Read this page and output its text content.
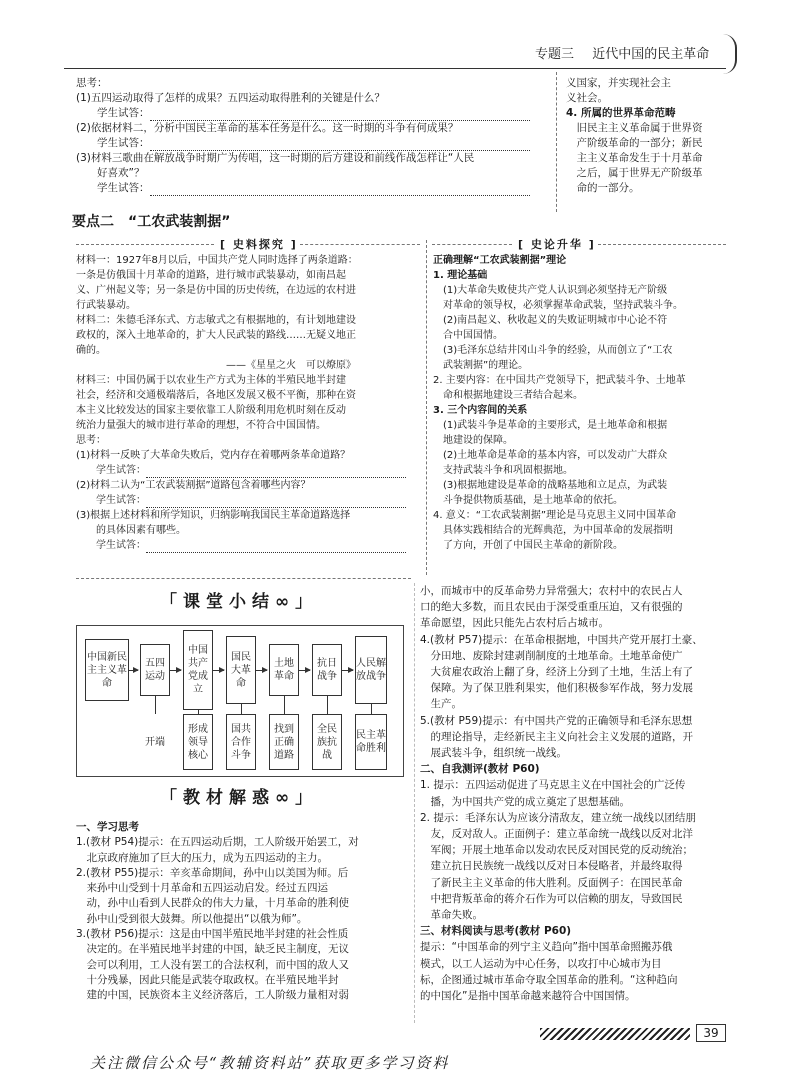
专题三 近代中国的民主革命
思考：
(1)五四运动取得了怎样的成果？五四运动取得胜利的关键是什么？
　　学生试答：
(2)依据材料二，分析中国民主革命的基本任务是什么。这一时期的斗争有何成果？
　　学生试答：
(3)材料三歌曲在解放战争时期广为传唱，这一时期的后方建设和前线作战怎样让“人民
　　好喜欢”？
　　学生试答：
义国家，并实现社会主
义社会。
4. 所属的世界革命范畴
　旧民主主义革命属于世界资
　产阶级革命的一部分；新民
　主主义革命发生于十月革命
　之后，属于世界无产阶级革
　命的一部分。
要点二　“工农武装割据”
[ 史料探究 ]
材料一：1927年8月以后，中国共产党人同时选择了两条道路：
一条是仿俄国十月革命的道路，进行城市武装暴动，如南昌起
义、广州起义等；另一条是仿中国的历史传统，在边远的农村进
行武装暴动。
材料二：朱德毛泽东式、方志敏式之有根据地的，有计划地建设
政权的，深入土地革命的，扩大人民武装的路线……无疑义地正
确的。
　　　　　　　　　　　　　　　——《星星之火　可以燎原》
材料三：中国仍属于以农业生产方式为主体的半殖民地半封建
社会，经济和交通极端落后，各地区发展又极不平衡，那种在资
本主义比较发达的国家主要依靠工人阶级利用危机时刻在反动
统治力量强大的城市进行革命的理想，不符合中国国情。
思考：
(1)材料一反映了大革命失败后，党内存在着哪两条革命道路？
　　学生试答：
(2)材料二认为“工农武装割据”道路包含着哪些内容？
　　学生试答：
(3)根据上述材料和所学知识，归纳影响我国民主革命道路选择
　　的具体因素有哪些。
　　学生试答：
[ 史论升华 ]
正确理解“工农武装割据”理论
1. 理论基础
　(1)大革命失败使共产党人认识到必须坚持无产阶级
　对革命的领导权，必须掌握革命武装，坚持武装斗争。
　(2)南昌起义、秋收起义的失败证明城市中心论不符
　合中国国情。
　(3)毛泽东总结井冈山斗争的经验，从而创立了“工农
　武装割据”的理论。
2. 主要内容：在中国共产党领导下，把武装斗争、土地革
　命和根据地建设三者结合起来。
3. 三个内容间的关系
　(1)武装斗争是革命的主要形式，是土地革命和根据
　地建设的保障。
　(2)土地革命是革命的基本内容，可以发动广大群众
　支持武装斗争和巩固根据地。
　(3)根据地建设是革命的战略基地和立足点，为武装
　斗争提供物质基础，是土地革命的依托。
4. 意义：“工农武装割据”理论是马克思主义同中国革命
　具体实践相结合的光辉典范，为中国革命的发展指明
　了方向，开创了中国民主革命的新阶段。
「课堂小结∞」
中国新民主主义革命
五四运动
中国共产党成立
国民大革命
土地革命
抗日战争
人民解放战争
开端
形成领导核心
国共合作斗争
找到正确道路
全民族抗战
民主革命胜利
「教材解惑∞」
一、学习思考
1.(教材 P54)提示：在五四运动后期，工人阶级开始罢工，对
　北京政府施加了巨大的压力，成为五四运动的主力。
2.(教材 P55)提示：辛亥革命期间，孙中山以美国为师。后
　来孙中山受到十月革命和五四运动启发。经过五四运
　动，孙中山看到人民群众的伟大力量，十月革命的胜利使
　孙中山受到很大鼓舞。所以他提出“以俄为师”。
3.(教材 P56)提示：这是由中国半殖民地半封建的社会性质
　决定的。在半殖民地半封建的中国，缺乏民主制度，无议
　会可以利用，工人没有罢工的合法权利，而中国的敌人又
　十分残暴，因此只能是武装夺取政权。在半殖民地半封
　建的中国，民族资本主义经济落后，工人阶级力量相对弱
小，而城市中的反革命势力异常强大；农村中的农民占人
口的绝大多数，而且农民由于深受重重压迫，又有很强的
革命愿望，因此只能先占农村后占城市。
4.(教材 P57)提示：在革命根据地，中国共产党开展打土豪、
　分田地、废除封建剥削制度的土地革命。土地革命使广
　大贫雇农政治上翻了身，经济上分到了土地，生活上有了
　保障。为了保卫胜利果实，他们积极参军作战，努力发展
　生产。
5.(教材 P59)提示：有中国共产党的正确领导和毛泽东思想
　的理论指导，走经新民主主义向社会主义发展的道路，开
　展武装斗争，组织统一战线。
二、自我测评(教材 P60)
1. 提示：五四运动促进了马克思主义在中国社会的广泛传
　播，为中国共产党的成立奠定了思想基础。
2. 提示：毛泽东认为应该分清敌友，建立统一战线以团结朋
　友，反对敌人。正面例子：建立革命统一战线以反对北洋
　军阀；开展土地革命以发动农民反对国民党的反动统治；
　建立抗日民族统一战线以反对日本侵略者，并最终取得
　了新民主主义革命的伟大胜利。反面例子：在国民革命
　中把背叛革命的蒋介石作为可以信赖的朋友，导致国民
　革命失败。
三、材料阅读与思考(教材 P60)
提示：“中国革命的列宁主义趋向”指中国革命照搬苏俄
模式，以工人运动为中心任务，以攻打中心城市为目
标，企图通过城市革命夺取全国革命的胜利。“这种趋向
的中国化”是指中国革命越来越符合中国国情。
39
关注微信公众号“教辅资料站”获取更多学习资料
